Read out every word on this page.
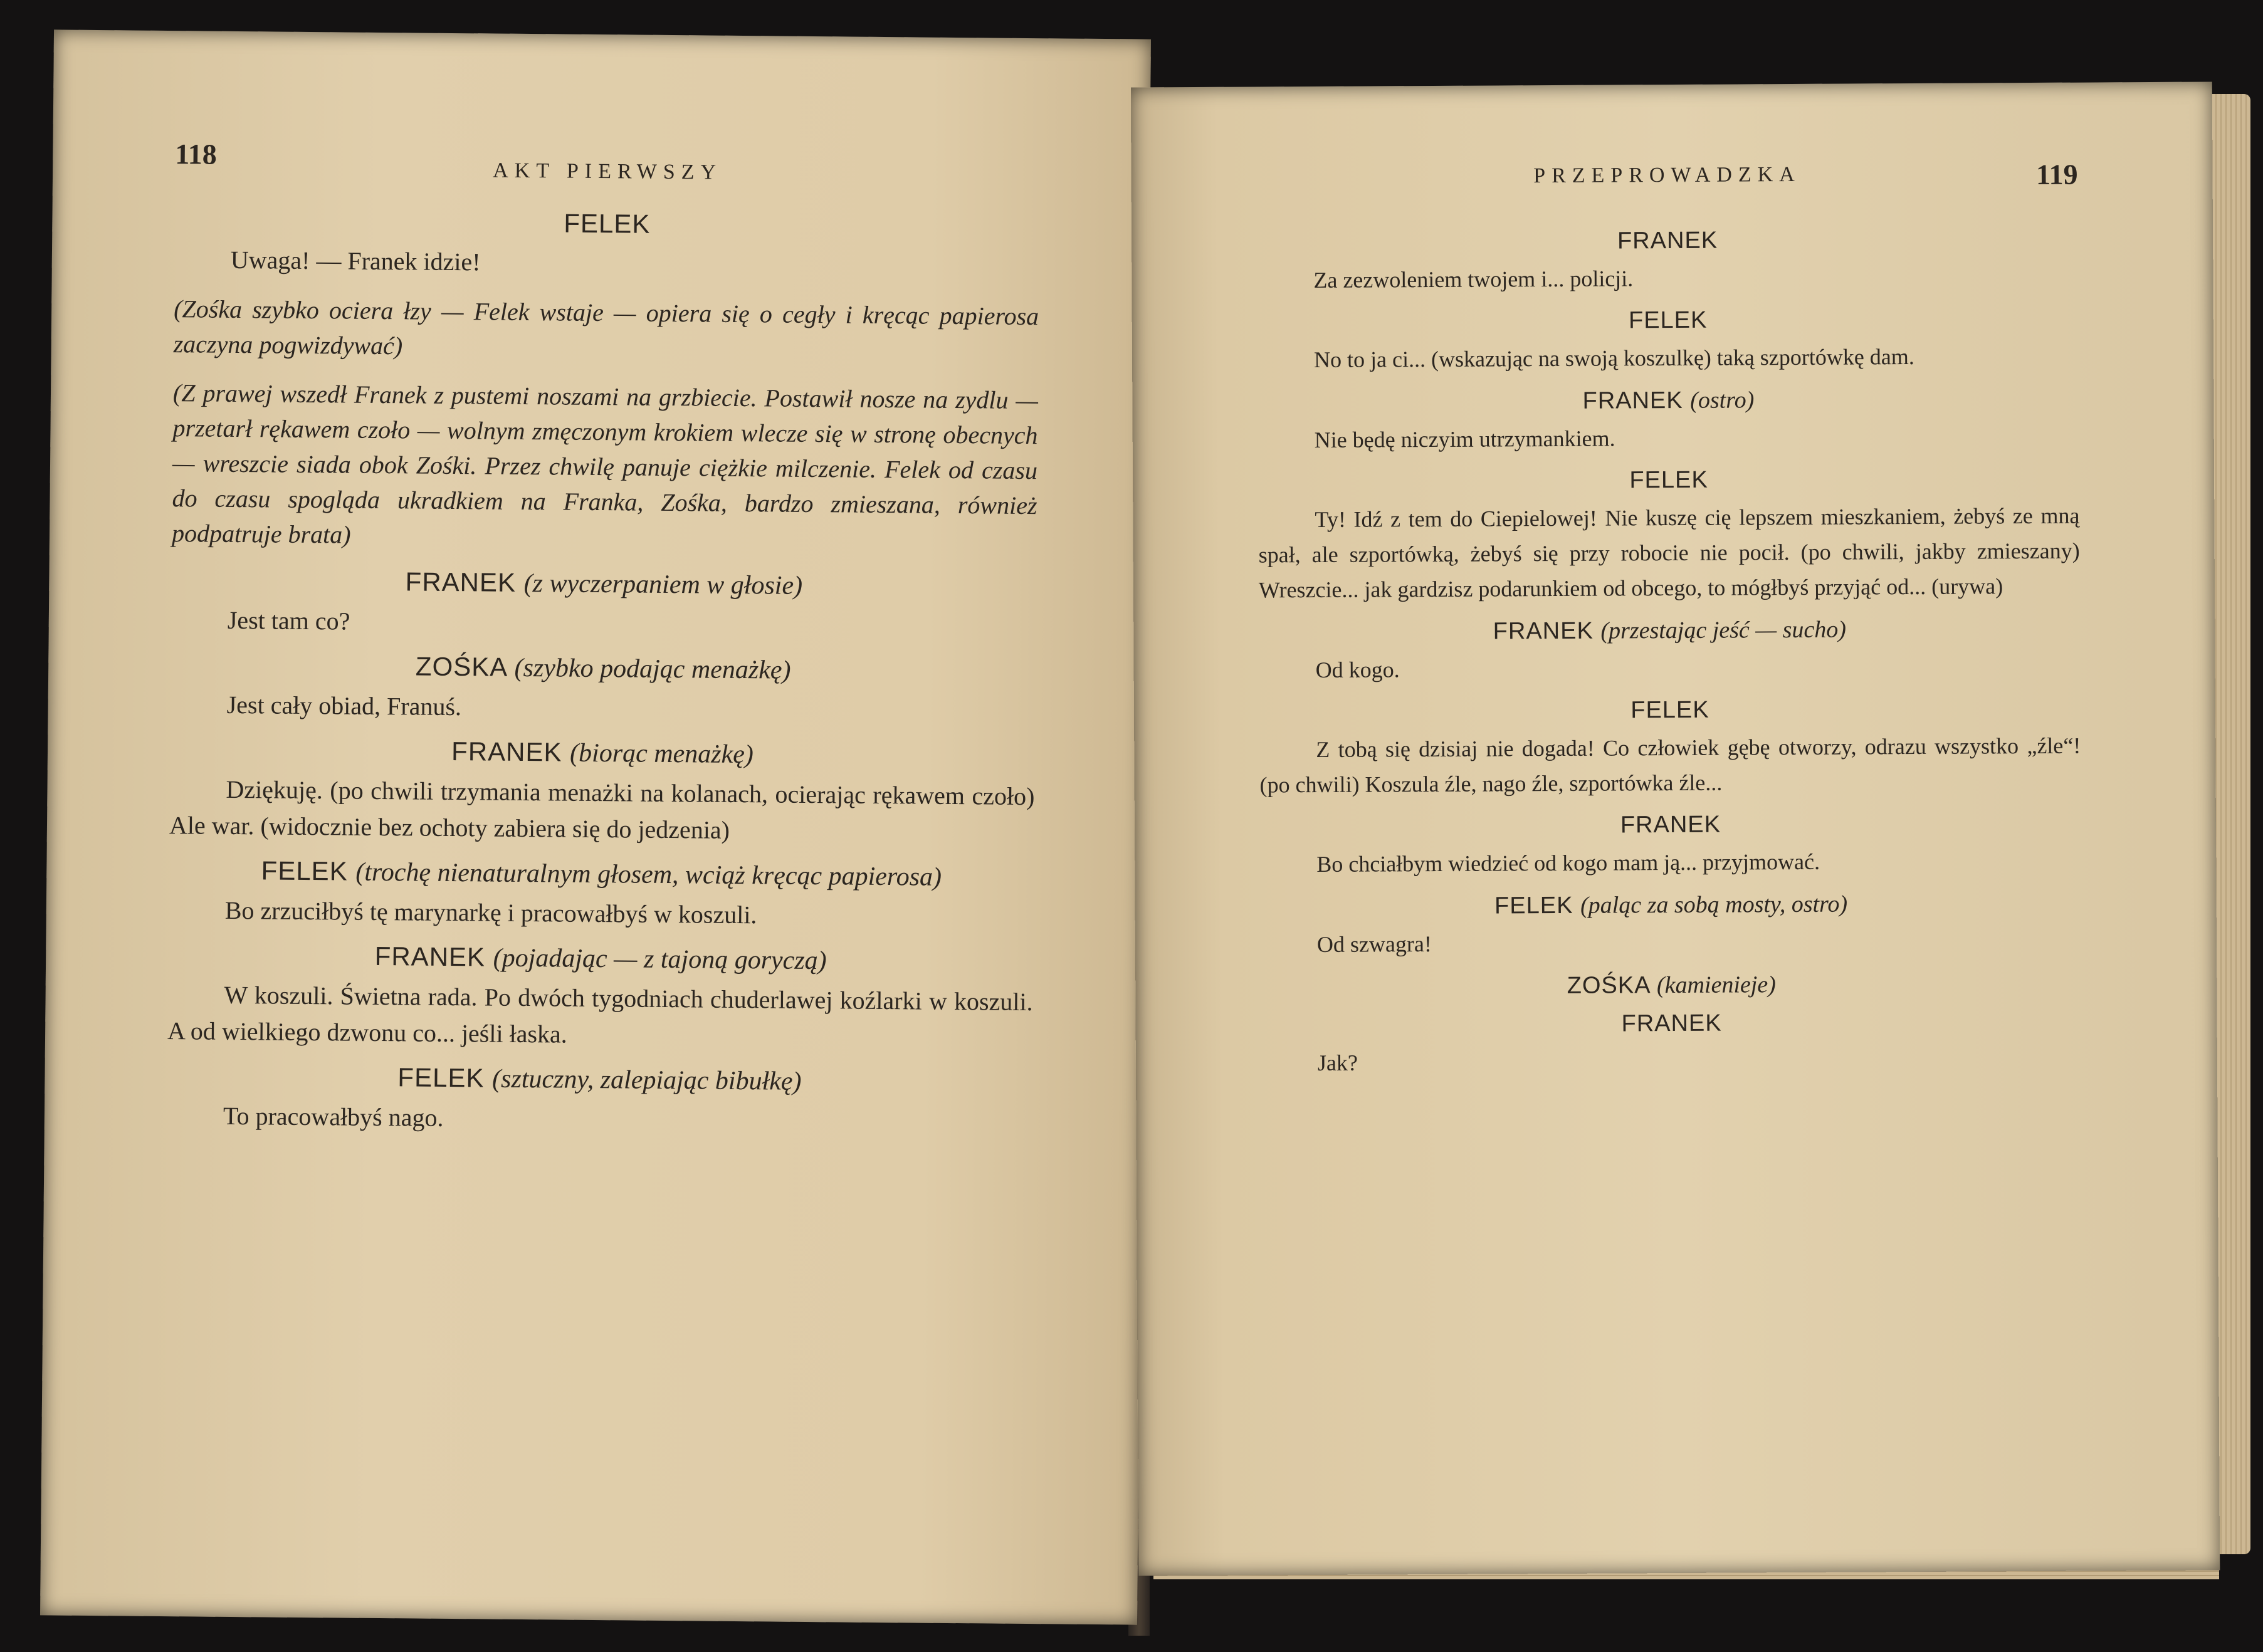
118
AKT PIERWSZY
FELEK
Uwaga! — Franek idzie!
(Zośka szybko ociera łzy — Felek wstaje — opiera się o cegły i kręcąc papierosa zaczyna pogwizdywać)
(Z prawej wszedł Franek z pustemi noszami na grzbiecie. Postawił nosze na zydlu — przetarł rękawem czoło — wolnym zmęczonym krokiem wlecze się w stronę obecnych — wreszcie siada obok Zośki. Przez chwilę panuje ciężkie milczenie. Felek od czasu do czasu spogląda ukradkiem na Franka, Zośka, bardzo zmieszana, również podpatruje brata)
FRANEK (z wyczerpaniem w głosie)
Jest tam co?
ZOŚKA (szybko podając menażkę)
Jest cały obiad, Franuś.
FRANEK (biorąc menażkę)
Dziękuję. (po chwili trzymania menażki na kolanach, ocierając rękawem czoło) Ale war. (widocznie bez ochoty zabiera się do jedzenia)
FELEK (trochę nienaturalnym głosem, wciąż kręcąc papierosa)
Bo zrzuciłbyś tę marynarkę i pracowałbyś w koszuli.
FRANEK (pojadając — z tajoną goryczą)
W koszuli. Świetna rada. Po dwóch tygodniach chuderlawej koźlarki w koszuli. A od wielkiego dzwonu co... jeśli łaska.
FELEK (sztuczny, zalepiając bibułkę)
To pracowałbyś nago.
PRZEPROWADZKA	119
FRANEK
Za zezwoleniem twojem i... policji.
FELEK
No to ja ci... (wskazując na swoją koszulkę) taką szportówkę dam.
FRANEK (ostro)
Nie będę niczyim utrzymankiem.
FELEK
Ty! Idź z tem do Ciepielowej! Nie kuszę cię lepszem mieszkaniem, żebyś ze mną spał, ale szportówką, żebyś się przy robocie nie pocił. (po chwili, jakby zmieszany) Wreszcie... jak gardzisz podarunkiem od obcego, to mógłbyś przyjąć od... (urywa)
FRANEK (przestając jeść — sucho)
Od kogo.
FELEK
Z tobą się dzisiaj nie dogada! Co człowiek gębę otworzy, odrazu wszystko „źle“! (po chwili) Koszula źle, nago źle, szportówka źle...
FRANEK
Bo chciałbym wiedzieć od kogo mam ją... przyjmować.
FELEK (paląc za sobą mosty, ostro)
Od szwagra!
ZOŚKA (kamienieje)
FRANEK
Jak?
